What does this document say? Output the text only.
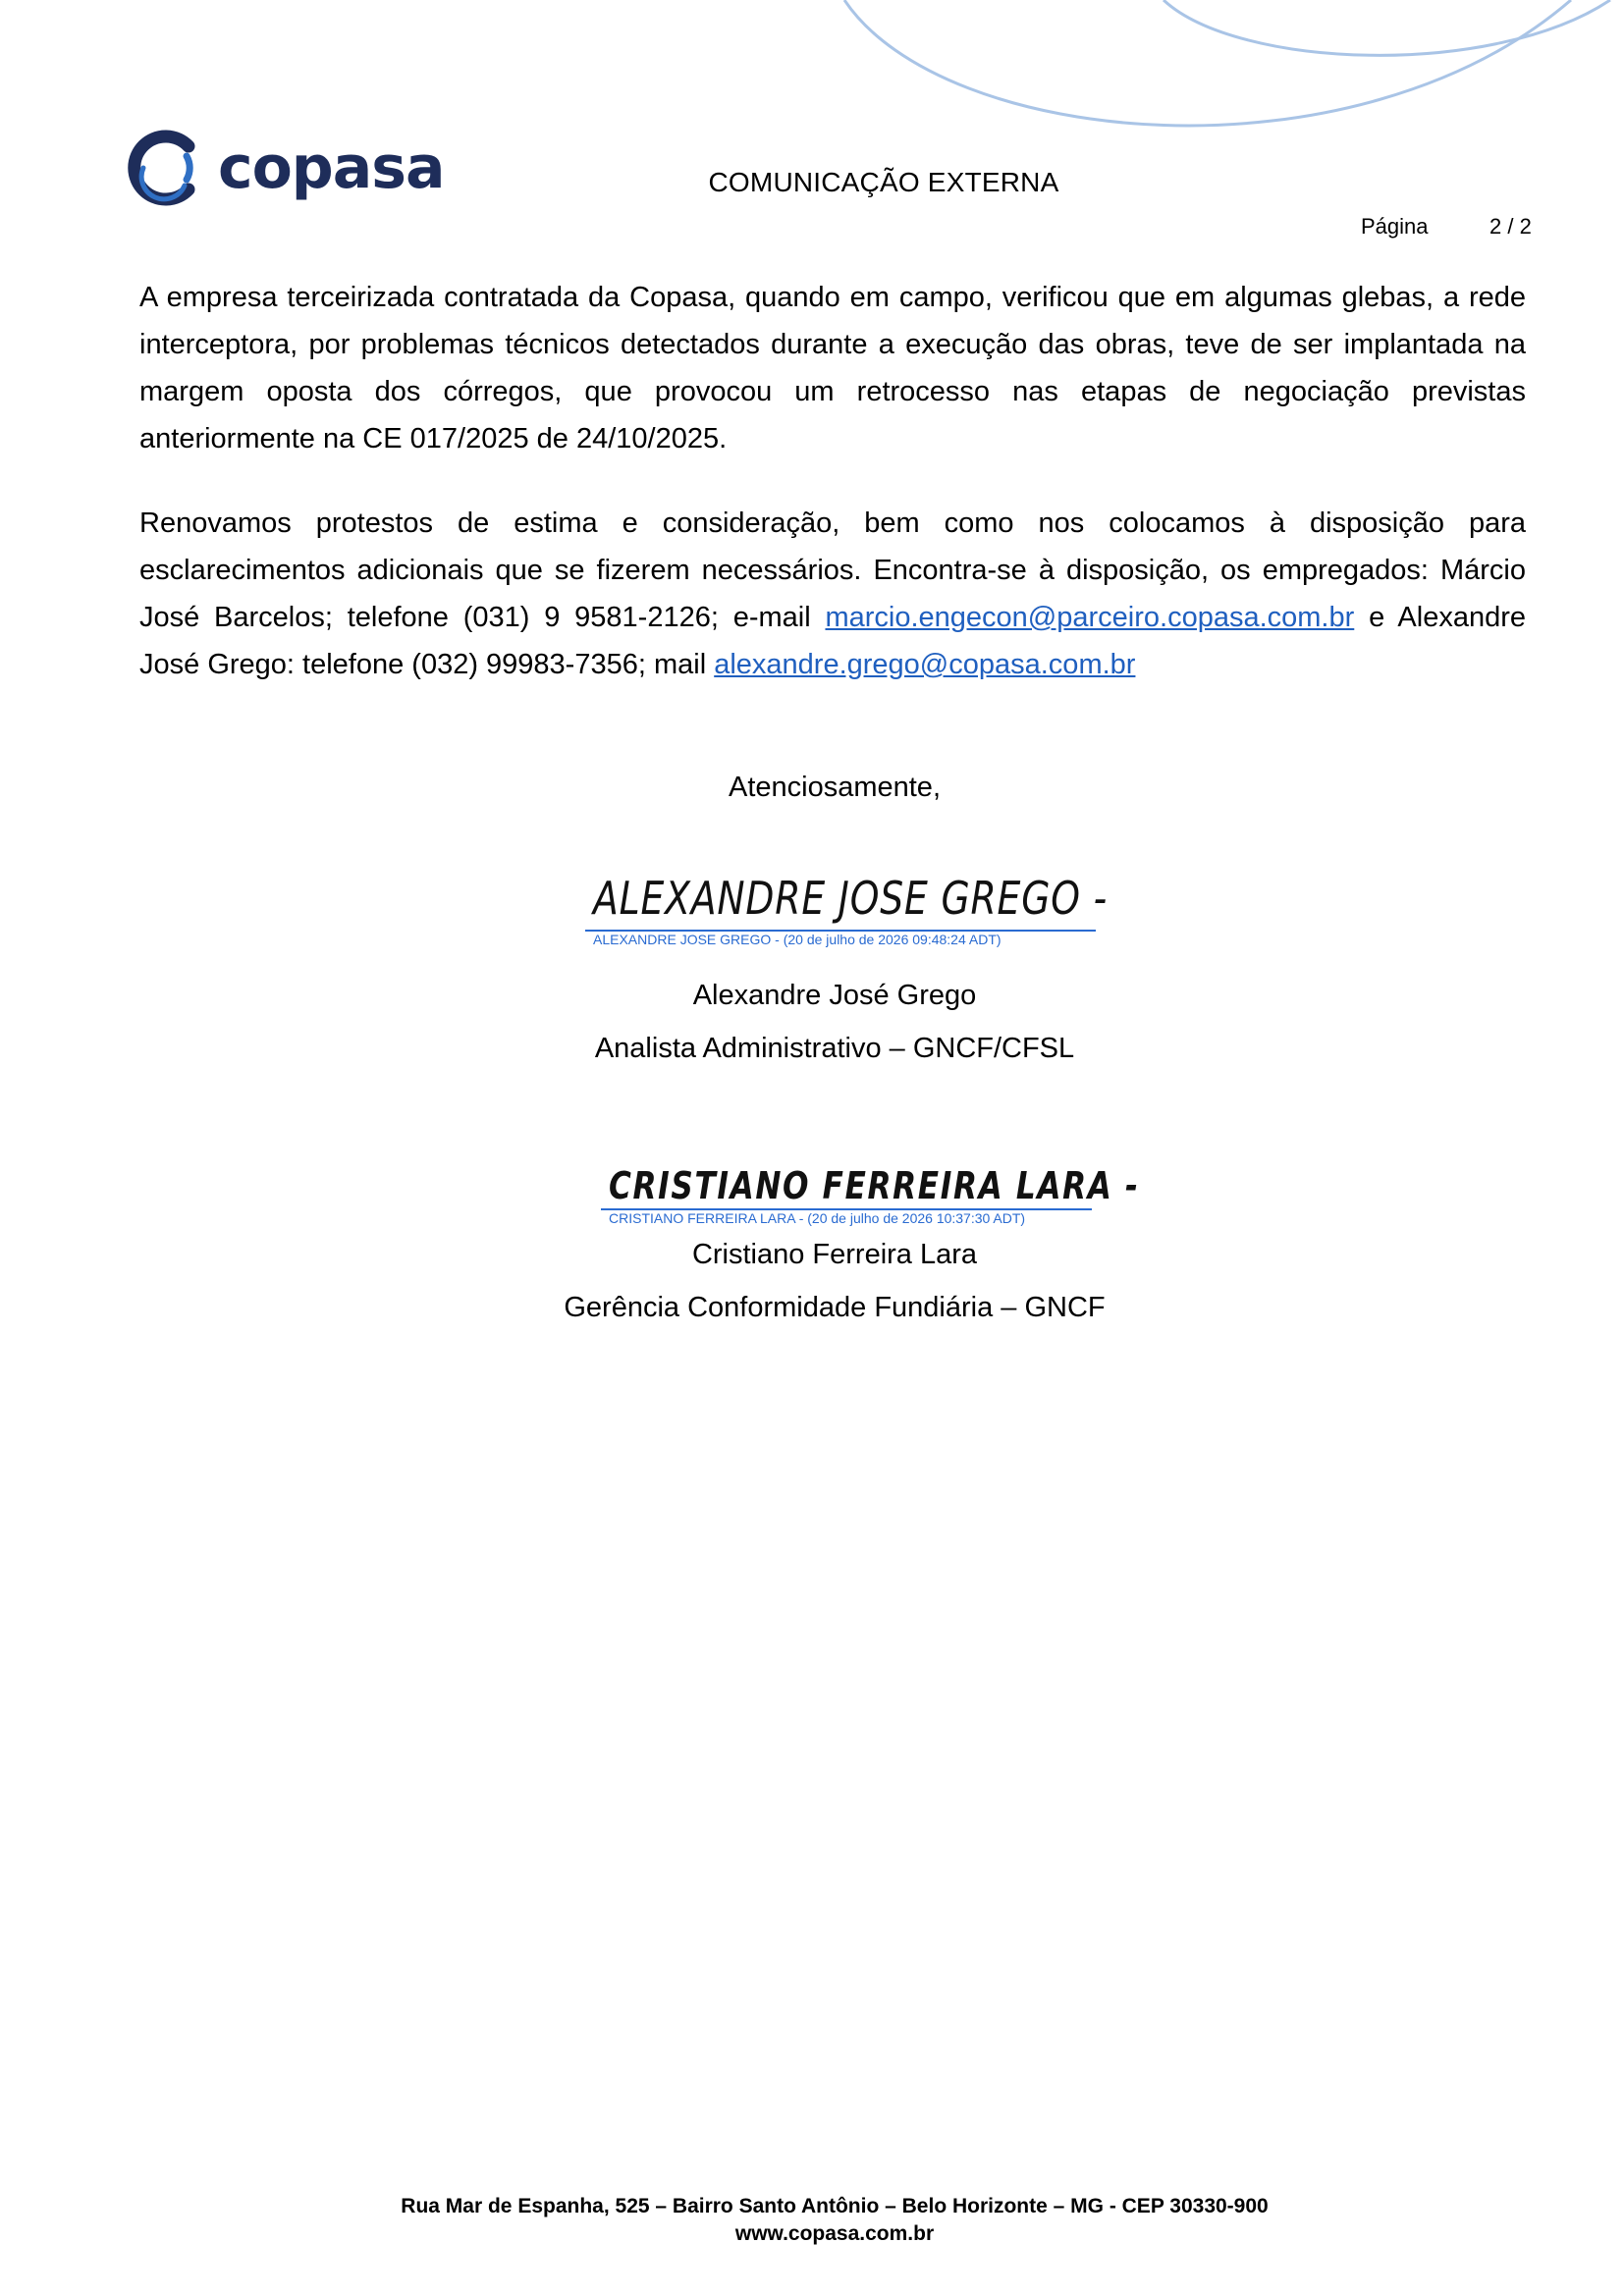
copasa	COMUNICAÇÃO EXTERNA
Página	2 / 2
A empresa terceirizada contratada da Copasa, quando em campo, verificou que em algumas glebas, a rede interceptora, por problemas técnicos detectados durante a execução das obras, teve de ser implantada na margem oposta dos córregos, que provocou um retrocesso nas etapas de negociação previstas anteriormente na CE 017/2025 de 24/10/2025.
Renovamos protestos de estima e consideração, bem como nos colocamos à disposição para esclarecimentos adicionais que se fizerem necessários. Encontra-se à disposição, os empregados: Márcio José Barcelos; telefone (031) 9 9581-2126; e-mail marcio.engecon@parceiro.copasa.com.br e Alexandre José Grego: telefone (032) 99983-7356; mail alexandre.grego@copasa.com.br
Atenciosamente,
ALEXANDRE JOSE GREGO -
ALEXANDRE JOSE GREGO - (20 de julho de 2026 09:48:24 ADT)
Alexandre José Grego
Analista Administrativo – GNCF/CFSL
CRISTIANO FERREIRA LARA -
CRISTIANO FERREIRA LARA - (20 de julho de 2026 10:37:30 ADT)
Cristiano Ferreira Lara
Gerência Conformidade Fundiária – GNCF
Rua Mar de Espanha, 525 – Bairro Santo Antônio – Belo Horizonte – MG - CEP 30330-900
www.copasa.com.br
